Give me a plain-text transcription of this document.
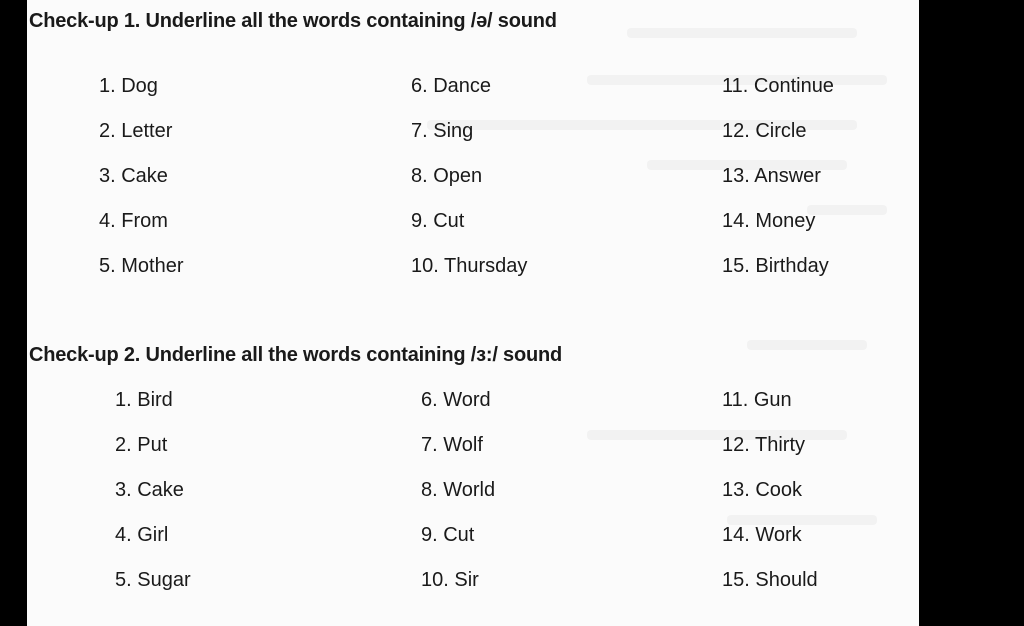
Check-up 1. Underline all the words containing /ə/ sound
1. Dog
2. Letter
3. Cake
4. From
5. Mother
6. Dance
7. Sing
8. Open
9. Cut
10. Thursday
11. Continue
12. Circle
13. Answer
14. Money
15. Birthday
Check-up 2. Underline all the words containing /ɜ:/ sound
1. Bird
2. Put
3. Cake
4. Girl
5. Sugar
6. Word
7. Wolf
8. World
9. Cut
10. Sir
11. Gun
12. Thirty
13. Cook
14. Work
15. Should
